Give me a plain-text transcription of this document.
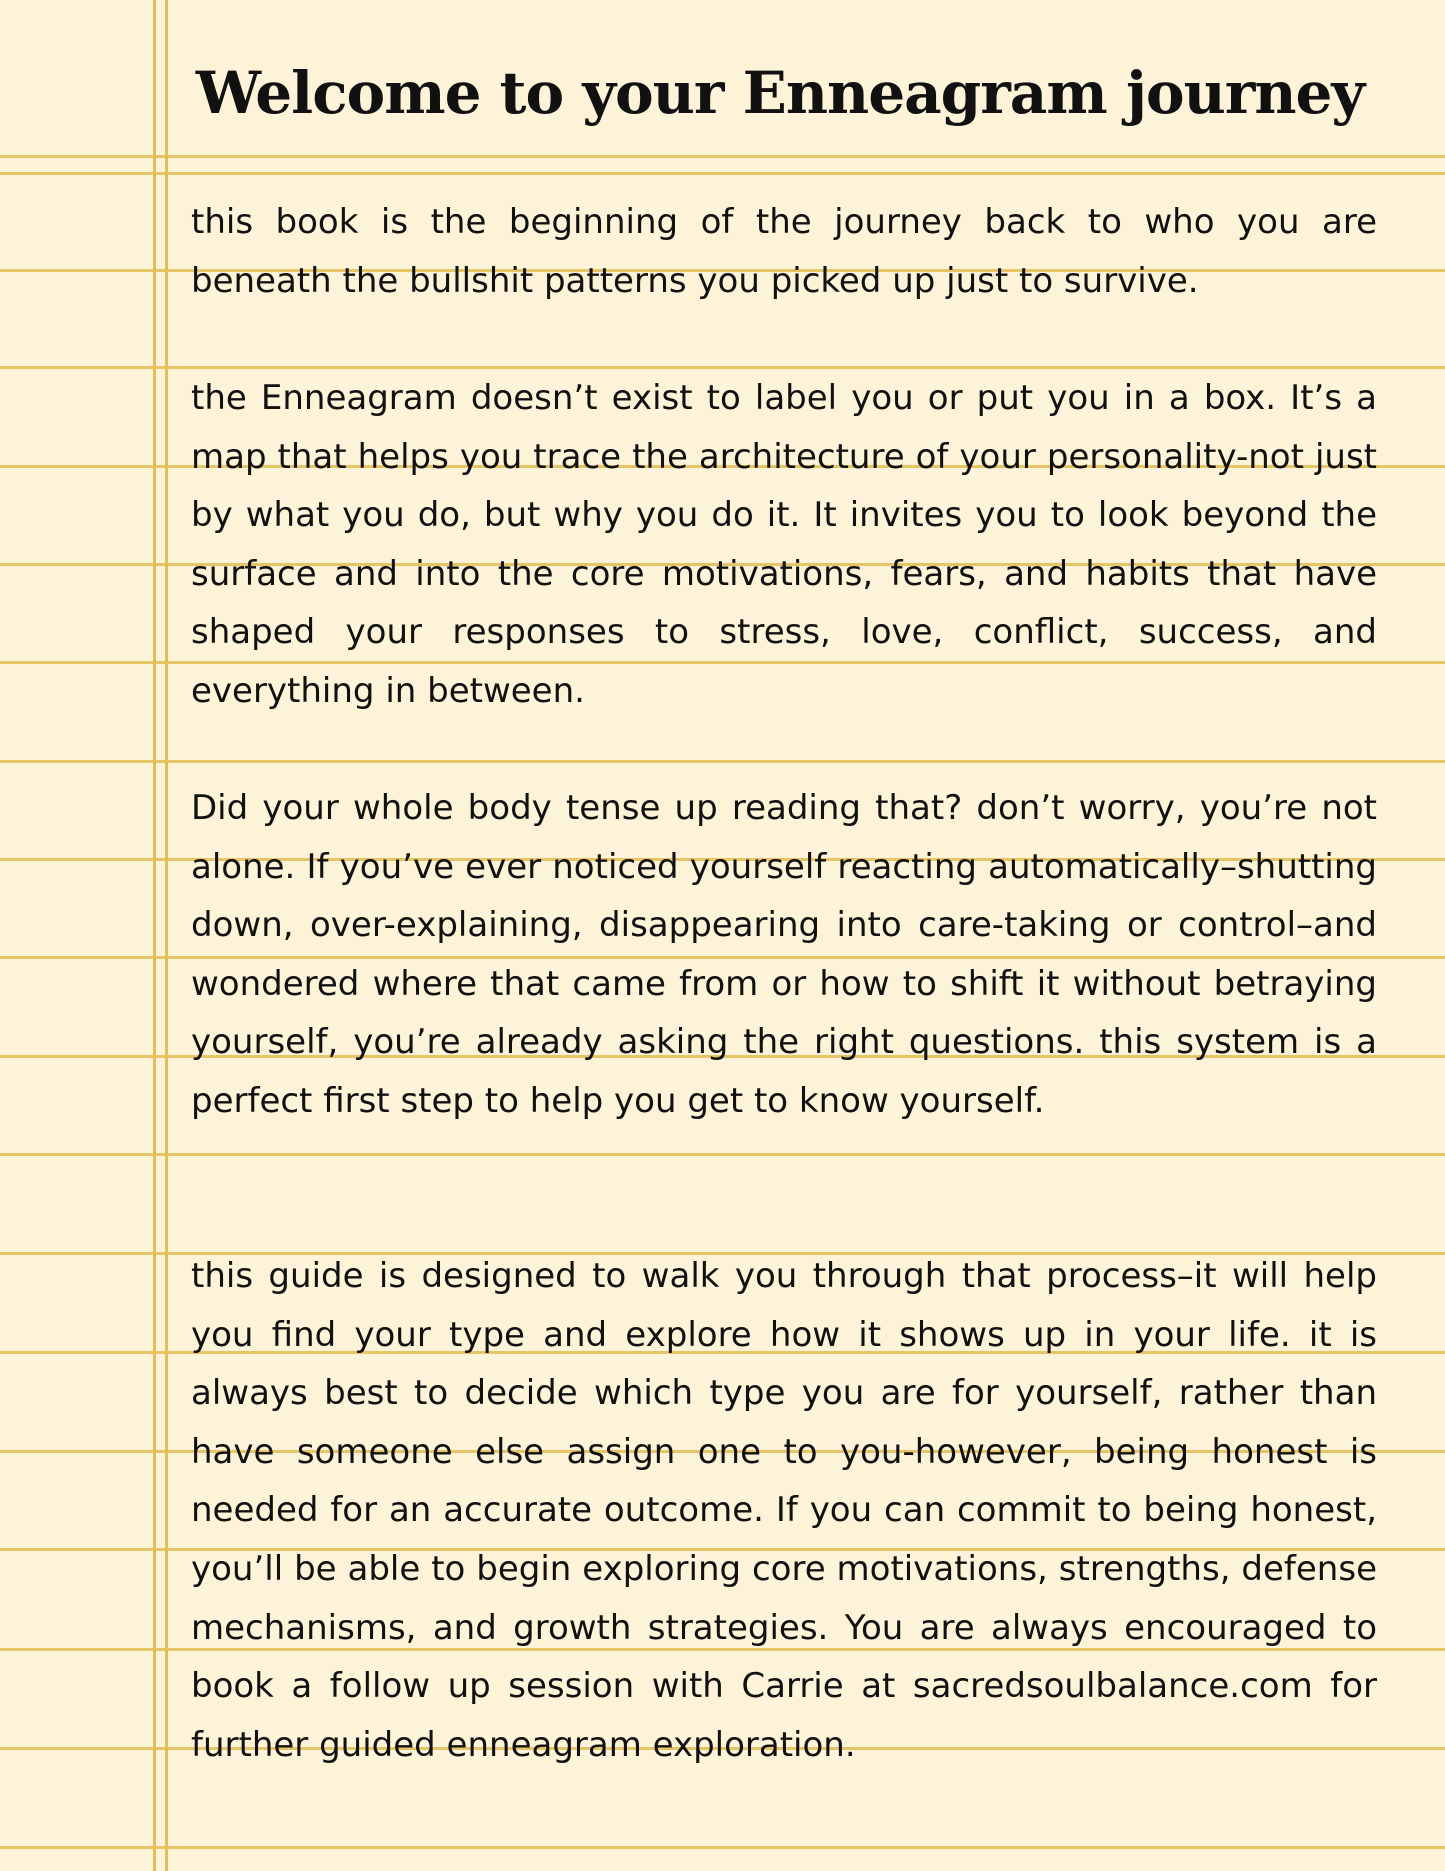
Welcome to your Enneagram journey

this book is the beginning of the journey back to who you are beneath the bullshit patterns you picked up just to survive.

the Enneagram doesn’t exist to label you or put you in a box. It’s a map that helps you trace the architecture of your personality-not just by what you do, but why you do it. It invites you to look beyond the surface and into the core motivations, fears, and habits that have shaped your responses to stress, love, conflict, success, and everything in between.

Did your whole body tense up reading that? don’t worry, you’re not alone. If you’ve ever noticed yourself reacting automatically–shutting down, over-explaining, disappearing into care-taking or control–and wondered where that came from or how to shift it without betraying yourself, you’re already asking the right questions. this system is a perfect first step to help you get to know yourself.

this guide is designed to walk you through that process–it will help you find your type and explore how it shows up in your life. it is always best to decide which type you are for yourself, rather than have someone else assign one to you-however, being honest is needed for an accurate outcome. If you can commit to being honest, you’ll be able to begin exploring core motivations, strengths, defense mechanisms, and growth strategies. You are always encouraged to book a follow up session with Carrie at sacredsoulbalance.com for further guided enneagram exploration.
